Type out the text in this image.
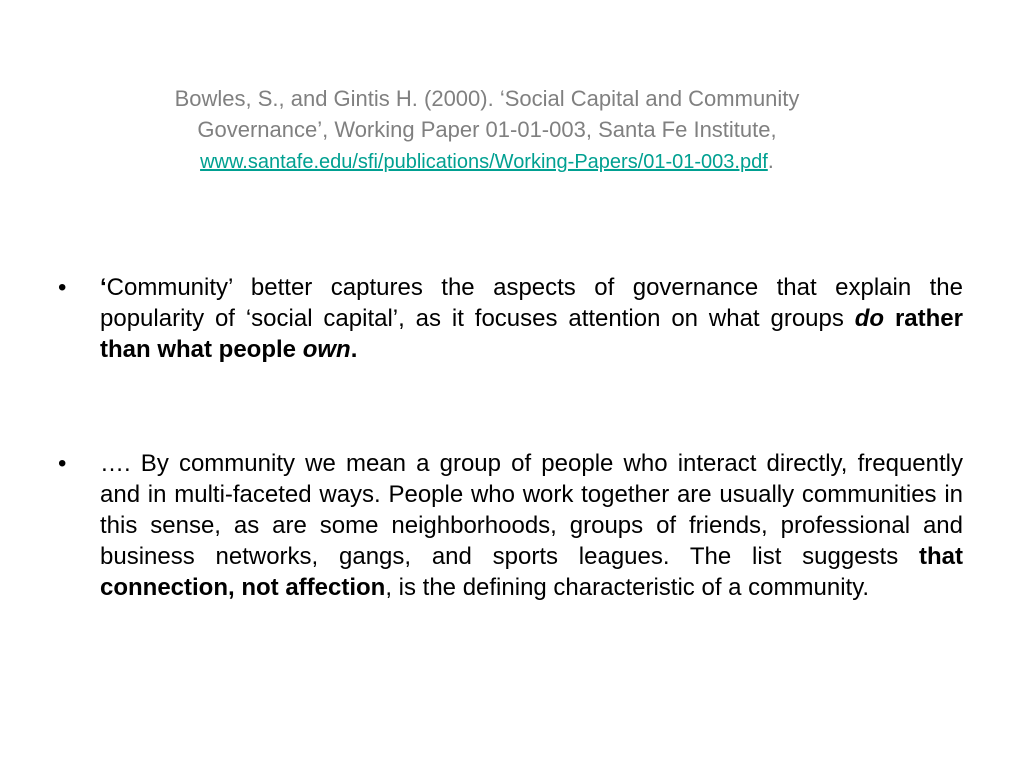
Bowles, S., and Gintis H. (2000). ‘Social Capital and Community
Governance’, Working Paper 01-01-003, Santa Fe Institute,
www.santafe.edu/sfi/publications/Working-Papers/01-01-003.pdf.
•	‘Community’ better captures the aspects of governance that explain the popularity of ‘social capital’, as it focuses attention on what groups do rather than what people own.
•	…. By community we mean a group of people who interact directly, frequently and in multi-faceted ways. People who work together are usually communities in this sense, as are some neighborhoods, groups of friends, professional and business networks, gangs, and sports leagues. The list suggests that connection, not affection, is the defining characteristic of a community.
